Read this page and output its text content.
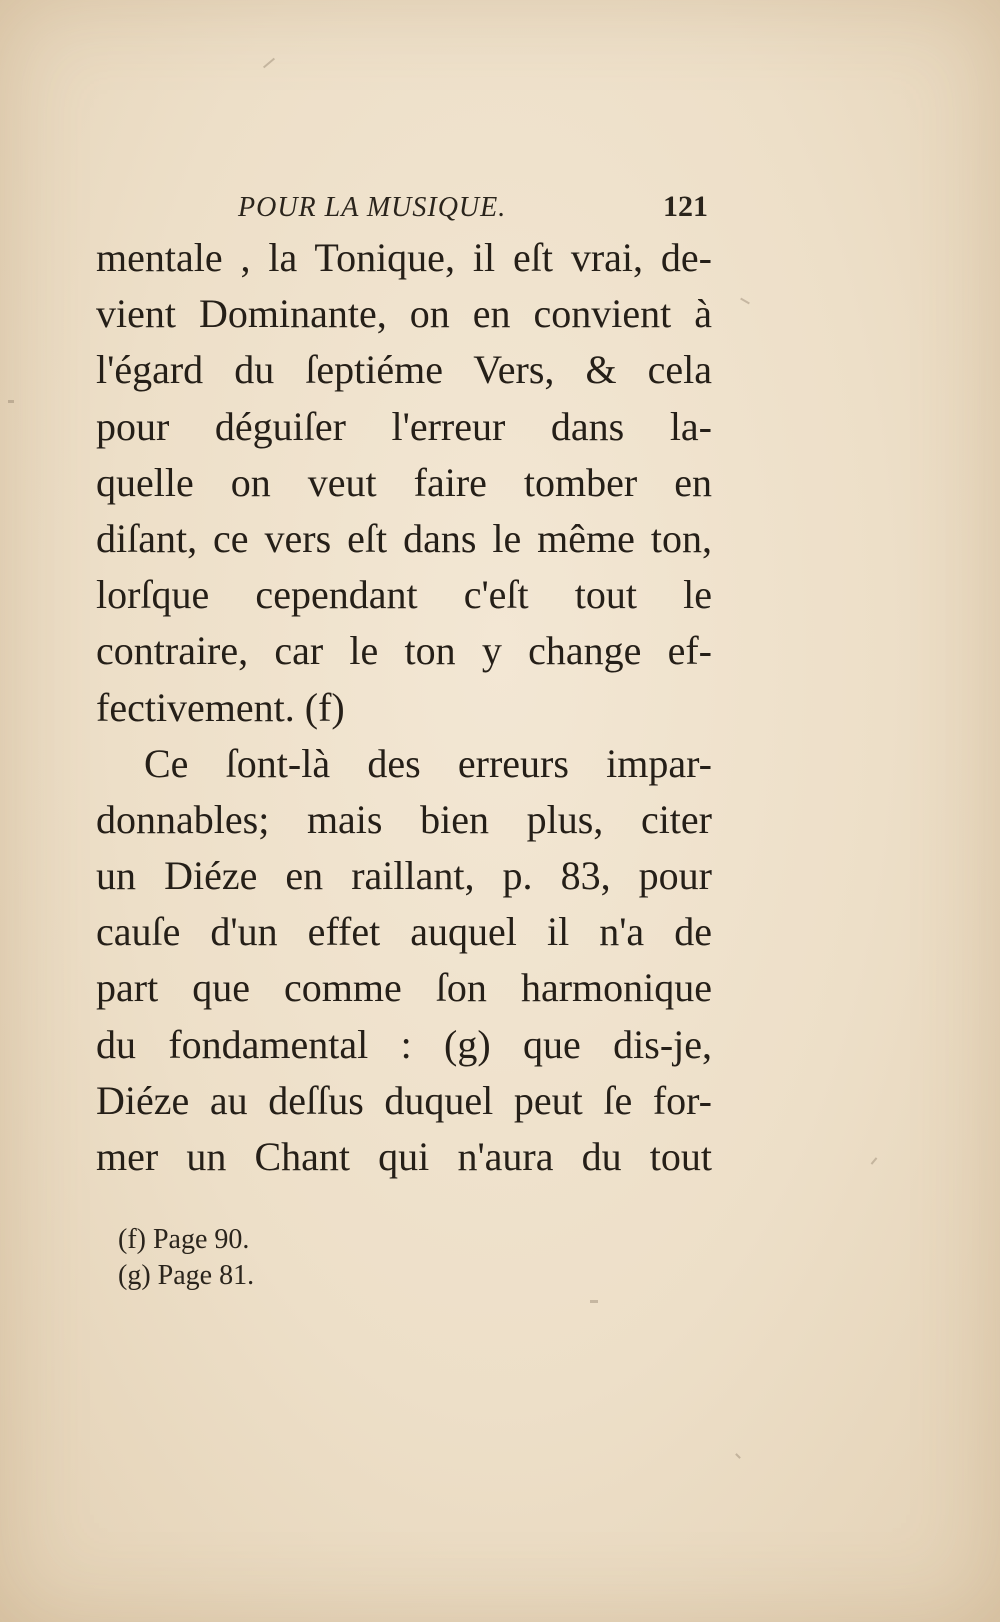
POUR LA MUSIQUE.	121
mentale , la Tonique, il eſt vrai, de-
vient Dominante, on en convient à
l'égard du ſeptiéme Vers, & cela
pour déguiſer l'erreur dans la-
quelle on veut faire tomber en
diſant, ce vers eſt dans le même ton,
lorſque cependant c'eſt tout le
contraire, car le ton y change ef-
fectivement. (f)
Ce ſont-là des erreurs impar-
donnables; mais bien plus, citer
un Diéze en raillant, p. 83, pour
cauſe d'un effet auquel il n'a de
part que comme ſon harmonique
du fondamental : (g) que dis-je,
Diéze au deſſus duquel peut ſe for-
mer un Chant qui n'aura du tout
(f) Page 90.
(g) Page 81.
